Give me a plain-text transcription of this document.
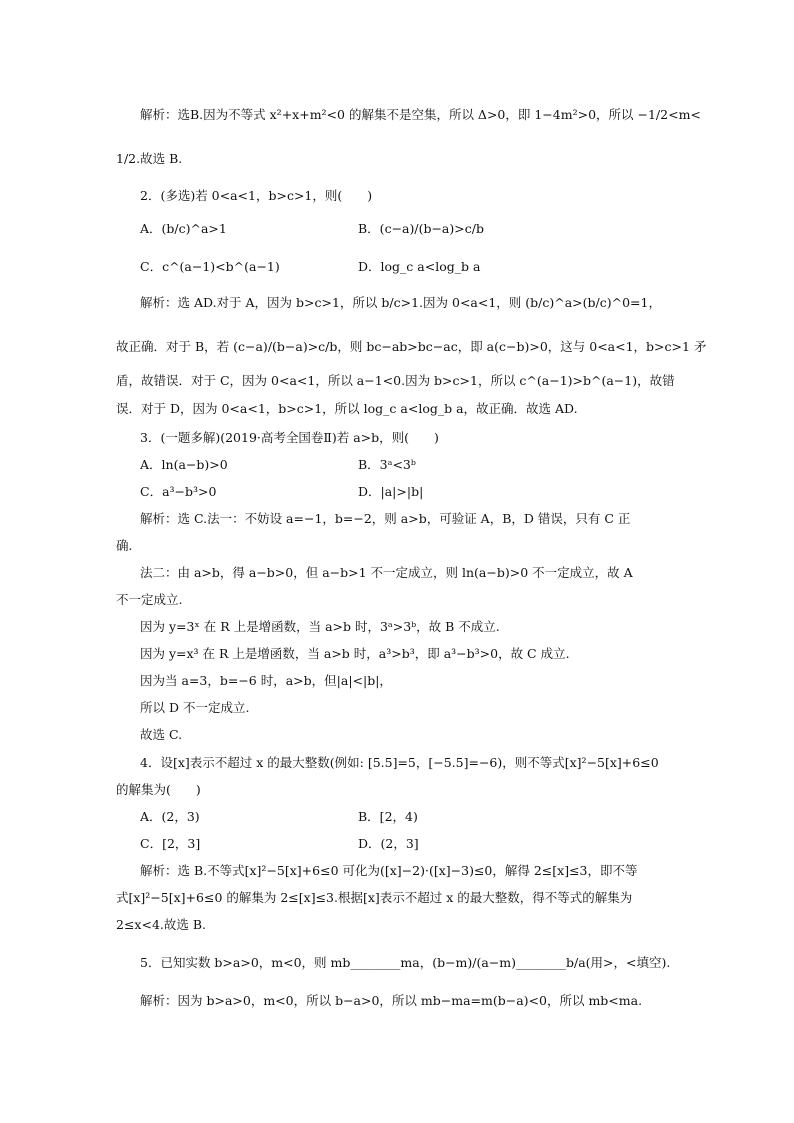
解析：选B.因为不等式 x²+x+m²<0 的解集不是空集，所以 Δ>0，即 1−4m²>0，所以 −1/2<m<
1/2.故选 B.
2．(多选)若 0<a<1，b>c>1，则(　　)
A．(b/c)^a>1	B．(c−a)/(b−a)>c/b
C．c^(a−1)<b^(a−1)	D．log_c a<log_b a
解析：选 AD.对于 A，因为 b>c>1，所以 b/c>1.因为 0<a<1，则 (b/c)^a>(b/c)^0=1，
故正确．对于 B，若 (c−a)/(b−a)>c/b，则 bc−ab>bc−ac，即 a(c−b)>0，这与 0<a<1，b>c>1 矛
盾，故错误．对于 C，因为 0<a<1，所以 a−1<0.因为 b>c>1，所以 c^(a−1)>b^(a−1)，故错
误．对于 D，因为 0<a<1，b>c>1，所以 log_c a<log_b a，故正确．故选 AD.
3．(一题多解)(2019·高考全国卷Ⅱ)若 a>b，则(　　)
A．ln(a−b)>0	B．3ᵃ<3ᵇ
C．a³−b³>0	D．|a|>|b|
解析：选 C.法一：不妨设 a=−1，b=−2，则 a>b，可验证 A，B，D 错误，只有 C 正
确.
法二：由 a>b，得 a−b>0，但 a−b>1 不一定成立，则 ln(a−b)>0 不一定成立，故 A
不一定成立.
因为 y=3ˣ 在 R 上是增函数，当 a>b 时，3ᵃ>3ᵇ，故 B 不成立.
因为 y=x³ 在 R 上是增函数，当 a>b 时，a³>b³，即 a³−b³>0，故 C 成立.
因为当 a=3，b=−6 时，a>b，但|a|<|b|，
所以 D 不一定成立.
故选 C.
4．设[x]表示不超过 x 的最大整数(例如: [5.5]=5，[−5.5]=−6)，则不等式[x]²−5[x]+6≤0
的解集为(　　)
A．(2，3)	B．[2，4)
C．[2，3]	D．(2，3]
解析：选 B.不等式[x]²−5[x]+6≤0 可化为([x]−2)·([x]−3)≤0，解得 2≤[x]≤3，即不等
式[x]²−5[x]+6≤0 的解集为 2≤[x]≤3.根据[x]表示不超过 x 的最大整数，得不等式的解集为
2≤x<4.故选 B.
5．已知实数 b>a>0，m<0，则 mb________ma，(b−m)/(a−m)________b/a(用>，<填空).
解析：因为 b>a>0，m<0，所以 b−a>0，所以 mb−ma=m(b−a)<0，所以 mb<ma.
